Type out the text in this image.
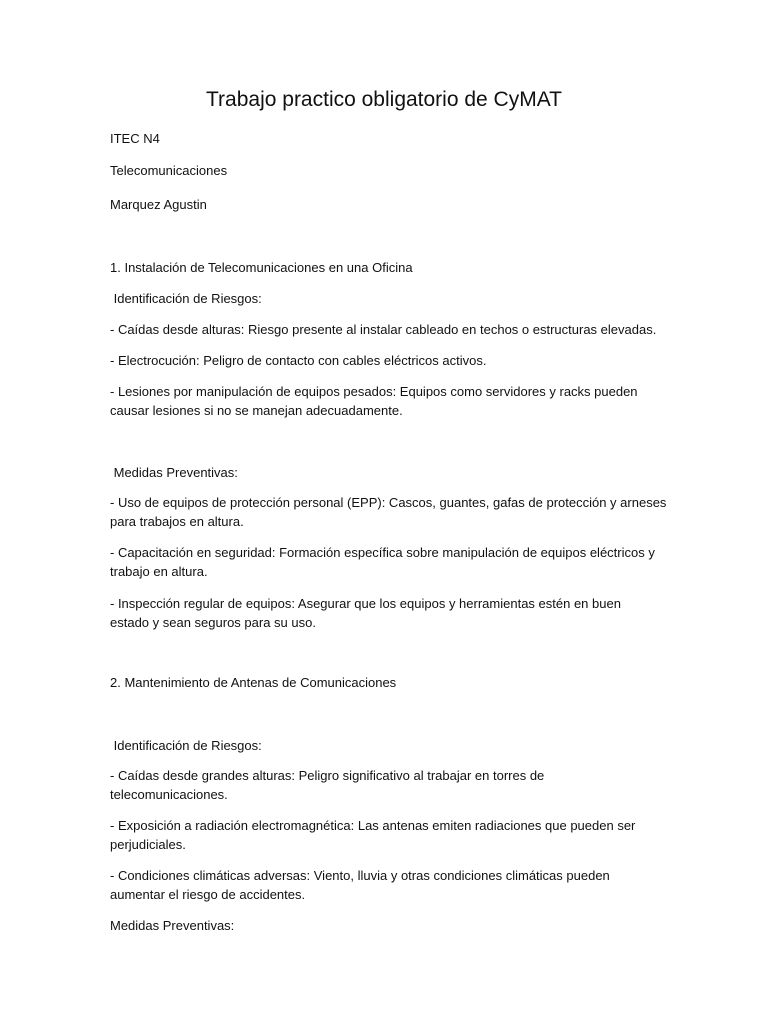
Trabajo practico obligatorio de CyMAT
ITEC N4
Telecomunicaciones
Marquez Agustin
1. Instalación de Telecomunicaciones en una Oficina
Identificación de Riesgos:
- Caídas desde alturas: Riesgo presente al instalar cableado en techos o estructuras elevadas.
- Electrocución: Peligro de contacto con cables eléctricos activos.
- Lesiones por manipulación de equipos pesados: Equipos como servidores y racks pueden
causar lesiones si no se manejan adecuadamente.
Medidas Preventivas:
- Uso de equipos de protección personal (EPP): Cascos, guantes, gafas de protección y arneses
para trabajos en altura.
- Capacitación en seguridad: Formación específica sobre manipulación de equipos eléctricos y
trabajo en altura.
- Inspección regular de equipos: Asegurar que los equipos y herramientas estén en buen
estado y sean seguros para su uso.
2. Mantenimiento de Antenas de Comunicaciones
Identificación de Riesgos:
- Caídas desde grandes alturas: Peligro significativo al trabajar en torres de
telecomunicaciones.
- Exposición a radiación electromagnética: Las antenas emiten radiaciones que pueden ser
perjudiciales.
- Condiciones climáticas adversas: Viento, lluvia y otras condiciones climáticas pueden
aumentar el riesgo de accidentes.
Medidas Preventivas:
